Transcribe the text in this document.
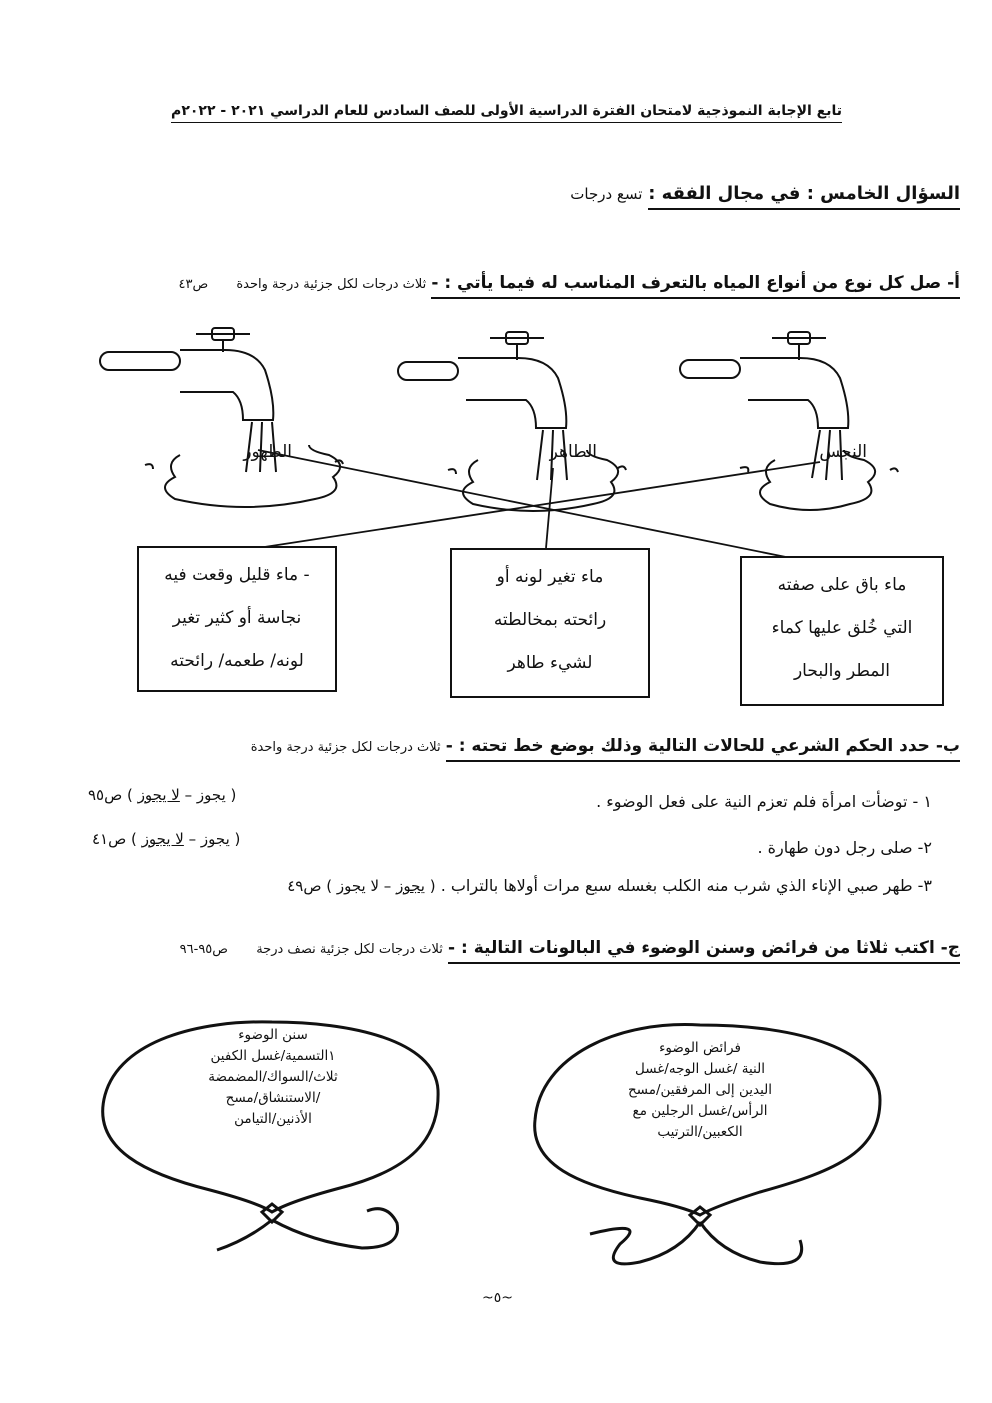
تابع الإجابة النموذجية لامتحان الفترة الدراسية الأولى للصف السادس للعام الدراسي ٢٠٢١ - ٢٠٢٢م
السؤال الخامس : في مجال الفقه : تسع درجات
أ- صل كل نوع من أنواع المياه بالتعرف المناسب له فيما يأتي : - ثلاث درجات لكل جزئية درجة واحدة  ص٤٣
النجس
الطاهر
الطهور
ماء باق على صفته
التي خُلق عليها كماء
المطر والبحار
ماء تغير لونه أو
رائحته بمخالطته
لشيء طاهر
- ماء قليل وقعت فيه
نجاسة أو كثير تغير
لونه/ طعمه/ رائحته
ب- حدد الحكم الشرعي للحالات التالية وذلك بوضع خط تحته : - ثلاث درجات لكل جزئية درجة واحدة
١ - توضأت امرأة فلم تعزم النية على فعل الوضوء .
( يجوز – لا يجوز ) ص٩٥
٢- صلى رجل دون طهارة .
( يجوز – لا يجوز ) ص٤١
٣- طهر صبي الإناء الذي شرب منه الكلب بغسله سبع مرات أولاها بالتراب . ( يجوز – لا يجوز ) ص٤٩
ج- اكتب ثلاثا من فرائض وسنن الوضوء في البالونات التالية : - ثلاث درجات لكل جزئية نصف درجة  ص٩٥-٩٦
فرائض الوضوء
النية /غسل الوجه/غسل
اليدين إلى المرفقين/مسح
الرأس/غسل الرجلين مع
الكعبين/الترتيب
سنن الوضوء
١التسمية/غسل الكفين
ثلاث/السواك/المضمضة
/الاستنشاق/مسح
الأذنين/التيامن
~٥~
